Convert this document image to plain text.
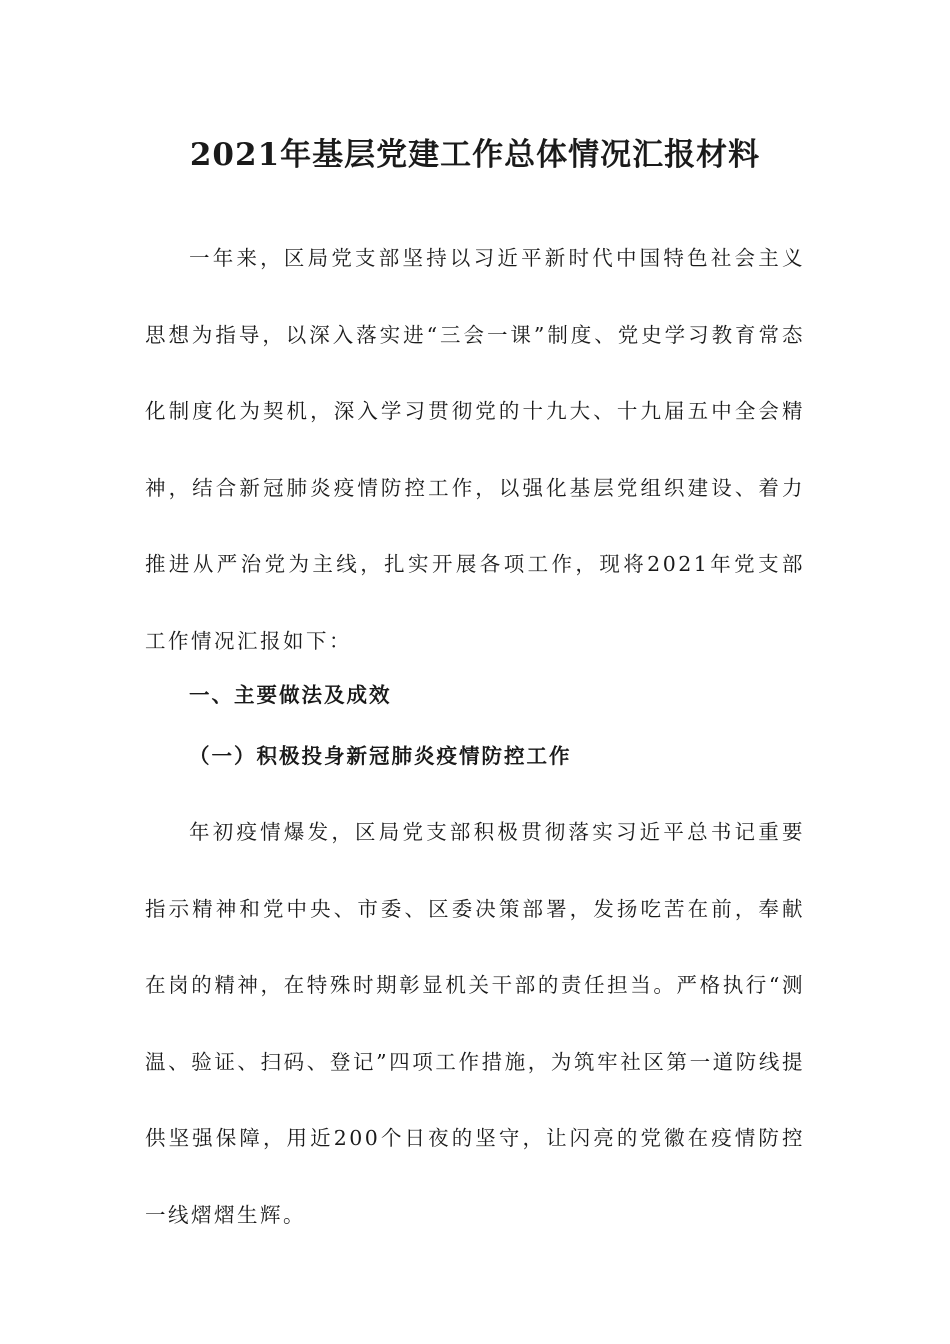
2021年基层党建工作总体情况汇报材料

一年来，区局党支部坚持以习近平新时代中国特色社会主义思想为指导，以深入落实进“三会一课”制度、党史学习教育常态化制度化为契机，深入学习贯彻党的十九大、十九届五中全会精神，结合新冠肺炎疫情防控工作，以强化基层党组织建设、着力推进从严治党为主线，扎实开展各项工作，现将2021年党支部工作情况汇报如下：

一、主要做法及成效
（一）积极投身新冠肺炎疫情防控工作

年初疫情爆发，区局党支部积极贯彻落实习近平总书记重要指示精神和党中央、市委、区委决策部署，发扬吃苦在前，奉献在岗的精神，在特殊时期彰显机关干部的责任担当。严格执行“测温、验证、扫码、登记”四项工作措施，为筑牢社区第一道防线提供坚强保障，用近200个日夜的坚守，让闪亮的党徽在疫情防控一线熠熠生辉。
